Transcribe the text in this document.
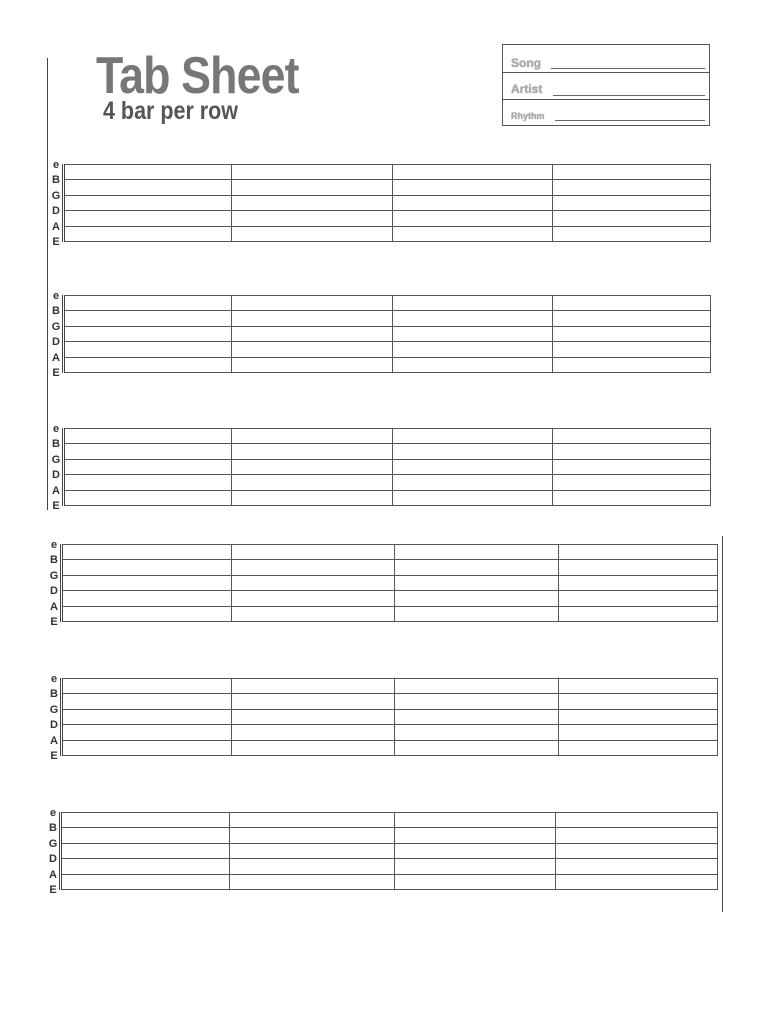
Tab Sheet
4 bar per row
Song
Artist
Rhythm
e
B
G
D
A
E
e
B
G
D
A
E
e
B
G
D
A
E
e
B
G
D
A
E
e
B
G
D
A
E
e
B
G
D
A
E
